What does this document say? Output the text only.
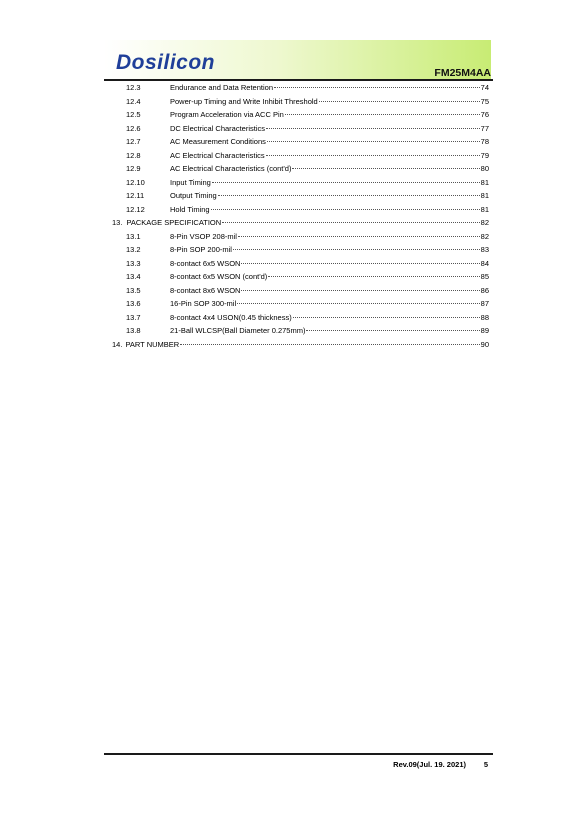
Dosilicon	FM25M4AA
12.3	Endurance and Data Retention	74
12.4	Power-up Timing and Write Inhibit Threshold	75
12.5	Program Acceleration via ACC Pin	76
12.6	DC Electrical Characteristics	77
12.7	AC Measurement Conditions	78
12.8	AC Electrical Characteristics	79
12.9	AC Electrical Characteristics (cont'd)	80
12.10	Input Timing	81
12.11	Output Timing	81
12.12	Hold Timing	81
13. PACKAGE SPECIFICATION	82
13.1	8-Pin VSOP 208-mil	82
13.2	8-Pin SOP 200-mil	83
13.3	8-contact 6x5 WSON	84
13.4	8-contact 6x5 WSON (cont'd)	85
13.5	8-contact 8x6 WSON	86
13.6	16-Pin SOP 300-mil	87
13.7	8-contact 4x4 USON(0.45 thickness)	88
13.8	21-Ball WLCSP(Ball Diameter 0.275mm)	89
14. PART NUMBER	90
Rev.09(Jul. 19. 2021) 5
